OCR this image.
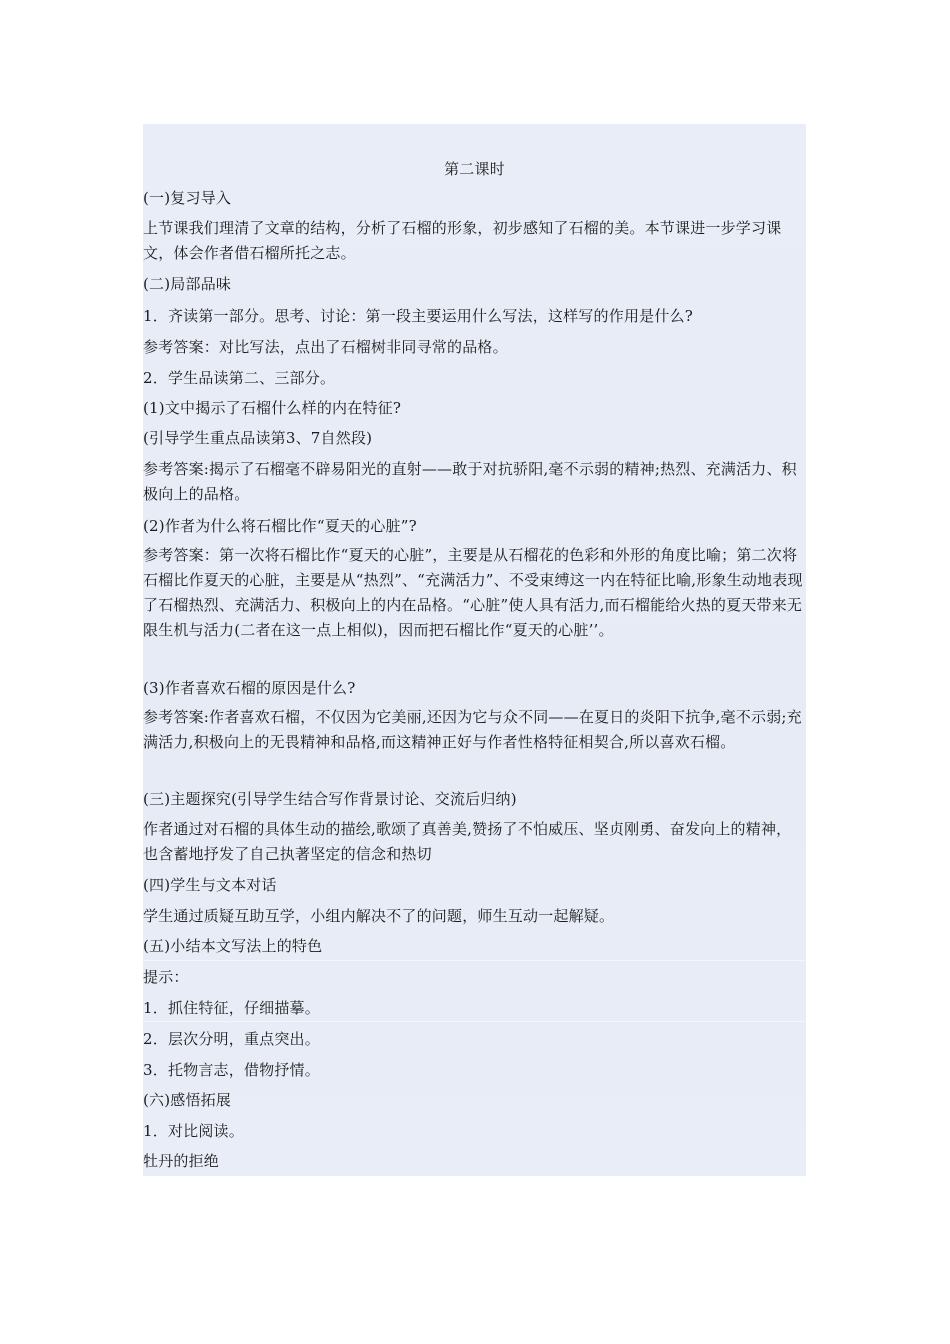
第二课时
(一)复习导入
上节课我们理清了文章的结构，分析了石榴的形象，初步感知了石榴的美。本节课进一步学习课文，体会作者借石榴所托之志。
(二)局部品味
1．齐读第一部分。思考、讨论：第一段主要运用什么写法，这样写的作用是什么?
参考答案：对比写法，点出了石榴树非同寻常的品格。
2．学生品读第二、三部分。
(1)文中揭示了石榴什么样的内在特征?
(引导学生重点品读第3、7自然段)
参考答案:揭示了石榴毫不辟易阳光的直射——敢于对抗骄阳,毫不示弱的精神;热烈、充满活力、积极向上的品格。
(2)作者为什么将石榴比作“夏天的心脏”?
参考答案：第一次将石榴比作“夏天的心脏”，主要是从石榴花的色彩和外形的角度比喻；第二次将石榴比作夏天的心脏，主要是从“热烈”、“充满活力”、不受束缚这一内在特征比喻,形象生动地表现了石榴热烈、充满活力、积极向上的内在品格。“心脏”使人具有活力,而石榴能给火热的夏天带来无限生机与活力(二者在这一点上相似)，因而把石榴比作“夏天的心脏’’。
(3)作者喜欢石榴的原因是什么?
参考答案:作者喜欢石榴，不仅因为它美丽,还因为它与众不同——在夏日的炎阳下抗争,毫不示弱;充满活力,积极向上的无畏精神和品格,而这精神正好与作者性格特征相契合,所以喜欢石榴。
(三)主题探究(引导学生结合写作背景讨论、交流后归纳)
作者通过对石榴的具体生动的描绘,歌颂了真善美,赞扬了不怕威压、坚贞刚勇、奋发向上的精神，也含蓄地抒发了自己执著坚定的信念和热切
(四)学生与文本对话
学生通过质疑互助互学，小组内解决不了的问题，师生互动一起解疑。
(五)小结本文写法上的特色
提示：
1．抓住特征，仔细描摹。
2．层次分明，重点突出。
3．托物言志，借物抒情。
(六)感悟拓展
1．对比阅读。
牡丹的拒绝
